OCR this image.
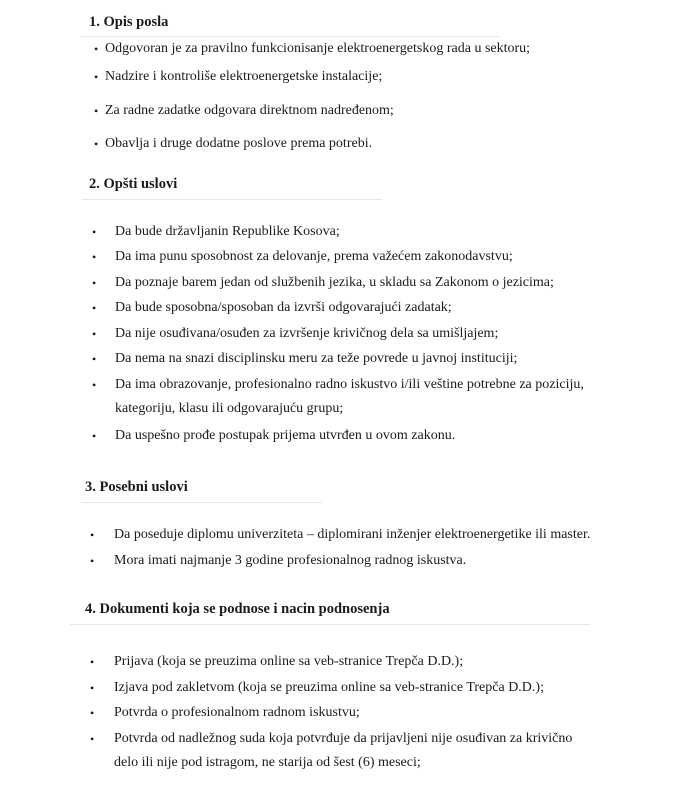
1. Opis posla
• Odgovoran je za pravilno funkcionisanje elektroenergetskog rada u sektoru;
• Nadzire i kontroliše elektroenergetske instalacije;
• Za radne zadatke odgovara direktnom nadređenom;
• Obavlja i druge dodatne poslove prema potrebi.
2. Opšti uslovi
• Da bude državljanin Republike Kosova;
• Da ima punu sposobnost za delovanje, prema važećem zakonodavstvu;
• Da poznaje barem jedan od službenih jezika, u skladu sa Zakonom o jezicima;
• Da bude sposobna/sposoban da izvrši odgovarajući zadatak;
• Da nije osuđivana/osuđen za izvršenje krivičnog dela sa umišljajem;
• Da nema na snazi disciplinsku meru za teže povrede u javnoj instituciji;
• Da ima obrazovanje, profesionalno radno iskustvo i/ili veštine potrebne za poziciju,
kategoriju, klasu ili odgovarajuću grupu;
• Da uspešno prođe postupak prijema utvrđen u ovom zakonu.
3. Posebni uslovi
• Da poseduje diplomu univerziteta – diplomirani inženjer elektroenergetike ili master.
• Mora imati najmanje 3 godine profesionalnog radnog iskustva.
4. Dokumenti koja se podnose i nacin podnosenja
• Prijava (koja se preuzima online sa veb-stranice Trepča D.D.);
• Izjava pod zakletvom (koja se preuzima online sa veb-stranice Trepča D.D.);
• Potvrda o profesionalnom radnom iskustvu;
• Potvrda od nadležnog suda koja potvrđuje da prijavljeni nije osuđivan za krivično
delo ili nije pod istragom, ne starija od šest (6) meseci;
